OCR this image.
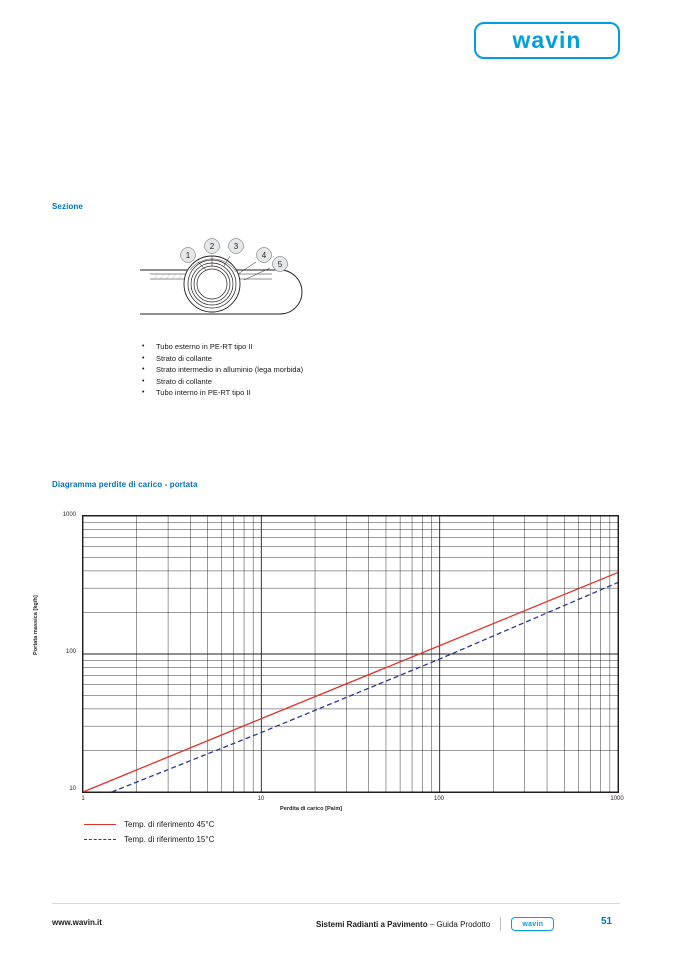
wavin
Sezione
1
2 3
4
5
•	Tubo esterno in PE-RT tipo II
•	Strato di collante
•	Strato intermedio in alluminio (lega morbida)
•	Strato di collante
•	Tubo interno in PE-RT tipo II
Diagramma perdite di carico - portata
1000
100
10
1	10	100	1000
Portata massica [kg/h]
Perdita di carico [Pa/m]
Temp. di riferimento 45°C
Temp. di riferimento 15°C
www.wavin.it	Sistemi Radianti a Pavimento
– Guida Prodotto	wavin	51
